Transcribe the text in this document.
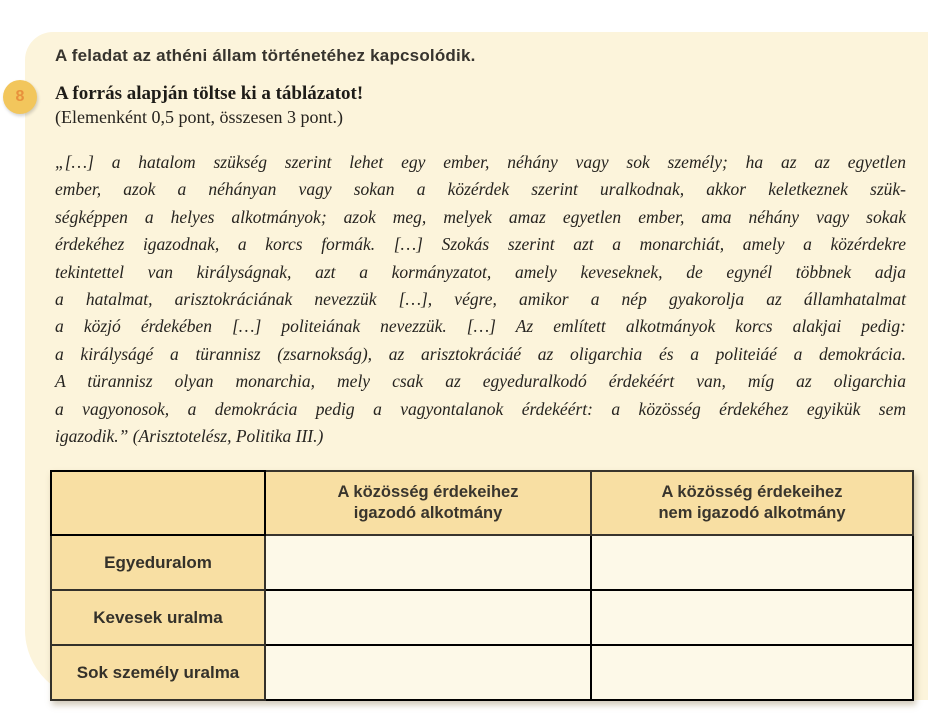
A feladat az athéni állam történetéhez kapcsolódik.
A forrás alapján töltse ki a táblázatot!
(Elemenként 0,5 pont, összesen 3 pont.)
„[…] a hatalom szükség szerint lehet egy ember, néhány vagy sok személy; ha az az egyetlen
ember, azok a néhányan vagy sokan a közérdek szerint uralkodnak, akkor keletkeznek szük-
ségképpen a helyes alkotmányok; azok meg, melyek amaz egyetlen ember, ama néhány vagy sokak
érdekéhez igazodnak, a korcs formák. […] Szokás szerint azt a monarchiát, amely a közérdekre
tekintettel van királyságnak, azt a kormányzatot, amely keveseknek, de egynél többnek adja
a hatalmat, arisztokráciának nevezzük […], végre, amikor a nép gyakorolja az államhatalmat
a közjó érdekében […] politeiának nevezzük. […] Az említett alkotmányok korcs alakjai pedig:
a királyságé a türannisz (zsarnokság), az arisztokráciáé az oligarchia és a politeiáé a demokrácia.
A türannisz olyan monarchia, mely csak az egyeduralkodó érdekéért van, míg az oligarchia
a vagyonosok, a demokrácia pedig a vagyontalanok érdekéért: a közösség érdekéhez egyikük sem
igazodik.” (Arisztotelész, Politika III.)

	A közösség érdekeihez
igazodó alkotmány	A közösség érdekeihez
nem igazodó alkotmány

Egyeduralom		
Kevesek uralma		
Sok személy uralma		
8
